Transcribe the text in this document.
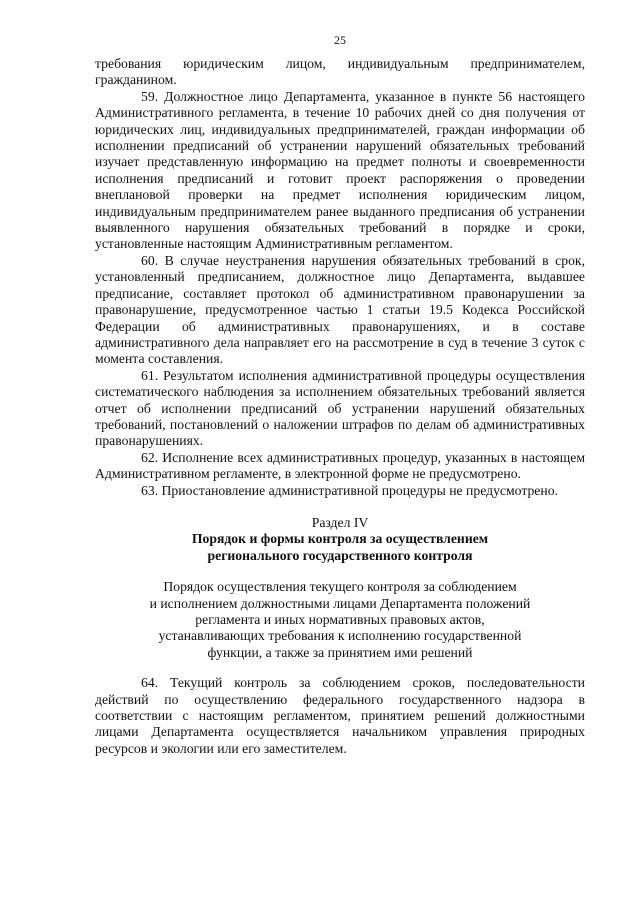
25

требования юридическим лицом, индивидуальным предпринимателем, гражданином.

59. Должностное лицо Департамента, указанное в пункте 56 настоящего Административного регламента, в течение 10 рабочих дней со дня получения от юридических лиц, индивидуальных предпринимателей, граждан информации об исполнении предписаний об устранении нарушений обязательных требований изучает представленную информацию на предмет полноты и своевременности исполнения предписаний и готовит проект распоряжения о проведении внеплановой проверки на предмет исполнения юридическим лицом, индивидуальным предпринимателем ранее выданного предписания об устранении выявленного нарушения обязательных требований в порядке и сроки, установленные настоящим Административным регламентом.

60. В случае неустранения нарушения обязательных требований в срок, установленный предписанием, должностное лицо Департамента, выдавшее предписание, составляет протокол об административном правонарушении за правонарушение, предусмотренное частью 1 статьи 19.5 Кодекса Российской Федерации об административных правонарушениях, и в составе административного дела направляет его на рассмотрение в суд в течение 3 суток с момента составления.

61. Результатом исполнения административной процедуры осуществления систематического наблюдения за исполнением обязательных требований является отчет об исполнении предписаний об устранении нарушений обязательных требований, постановлений о наложении штрафов по делам об административных правонарушениях.

62. Исполнение всех административных процедур, указанных в настоящем Административном регламенте, в электронной форме не предусмотрено.

63. Приостановление административной процедуры не предусмотрено.

Раздел IV

Порядок и формы контроля за осуществлением

регионального государственного контроля

Порядок осуществления текущего контроля за соблюдением

и исполнением должностными лицами Департамента положений

регламента и иных нормативных правовых актов,

устанавливающих требования к исполнению государственной

функции, а также за принятием ими решений

64. Текущий контроль за соблюдением сроков, последовательности действий по осуществлению федерального государственного надзора в соответствии с настоящим регламентом, принятием решений должностными лицами Департамента осуществляется начальником управления природных ресурсов и экологии или его заместителем.
